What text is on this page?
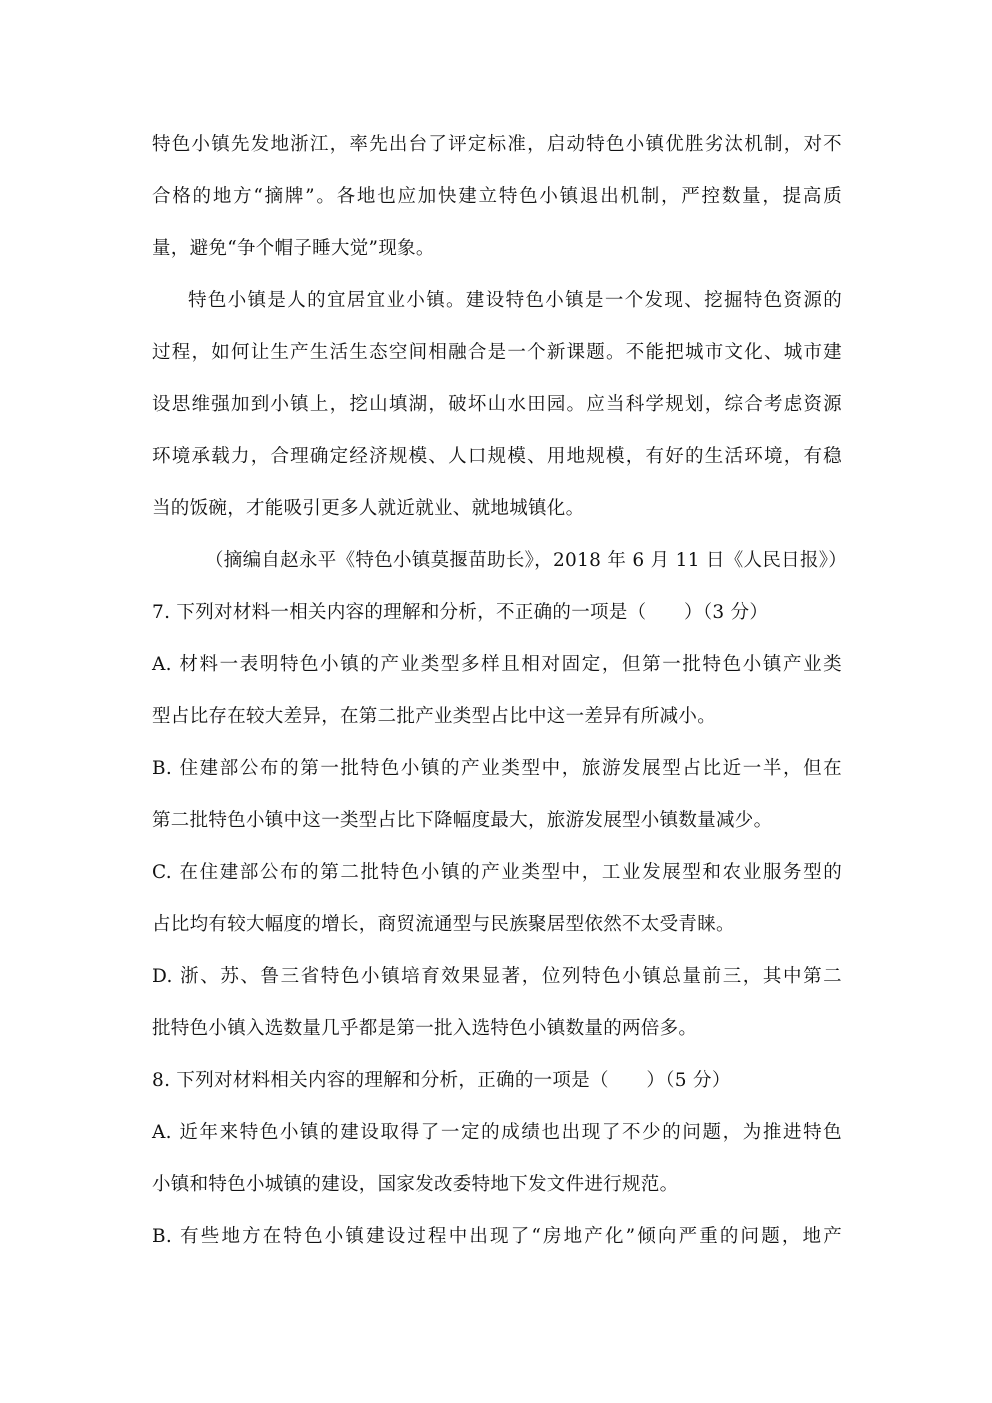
特色小镇先发地浙江，率先出台了评定标准，启动特色小镇优胜劣汰机制，对不
合格的地方“摘牌”。各地也应加快建立特色小镇退出机制，严控数量，提高质
量，避免“争个帽子睡大觉”现象。
特色小镇是人的宜居宜业小镇。建设特色小镇是一个发现、挖掘特色资源的
过程，如何让生产生活生态空间相融合是一个新课题。不能把城市文化、城市建
设思维强加到小镇上，挖山填湖，破坏山水田园。应当科学规划，综合考虑资源
环境承载力，合理确定经济规模、人口规模、用地规模，有好的生活环境，有稳
当的饭碗，才能吸引更多人就近就业、就地城镇化。
（摘编自赵永平《特色小镇莫揠苗助长》，2018 年 6 月 11 日《人民日报》）
7. 下列对材料一相关内容的理解和分析，不正确的一项是（　　）（3 分）
A. 材料一表明特色小镇的产业类型多样且相对固定，但第一批特色小镇产业类
型占比存在较大差异，在第二批产业类型占比中这一差异有所减小。
B. 住建部公布的第一批特色小镇的产业类型中，旅游发展型占比近一半，但在
第二批特色小镇中这一类型占比下降幅度最大，旅游发展型小镇数量减少。
C. 在住建部公布的第二批特色小镇的产业类型中，工业发展型和农业服务型的
占比均有较大幅度的增长，商贸流通型与民族聚居型依然不太受青睐。
D. 浙、苏、鲁三省特色小镇培育效果显著，位列特色小镇总量前三，其中第二
批特色小镇入选数量几乎都是第一批入选特色小镇数量的两倍多。
8. 下列对材料相关内容的理解和分析，正确的一项是（　　）（5 分）
A. 近年来特色小镇的建设取得了一定的成绩也出现了不少的问题，为推进特色
小镇和特色小城镇的建设，国家发改委特地下发文件进行规范。
B. 有些地方在特色小镇建设过程中出现了“房地产化”倾向严重的问题，地产
